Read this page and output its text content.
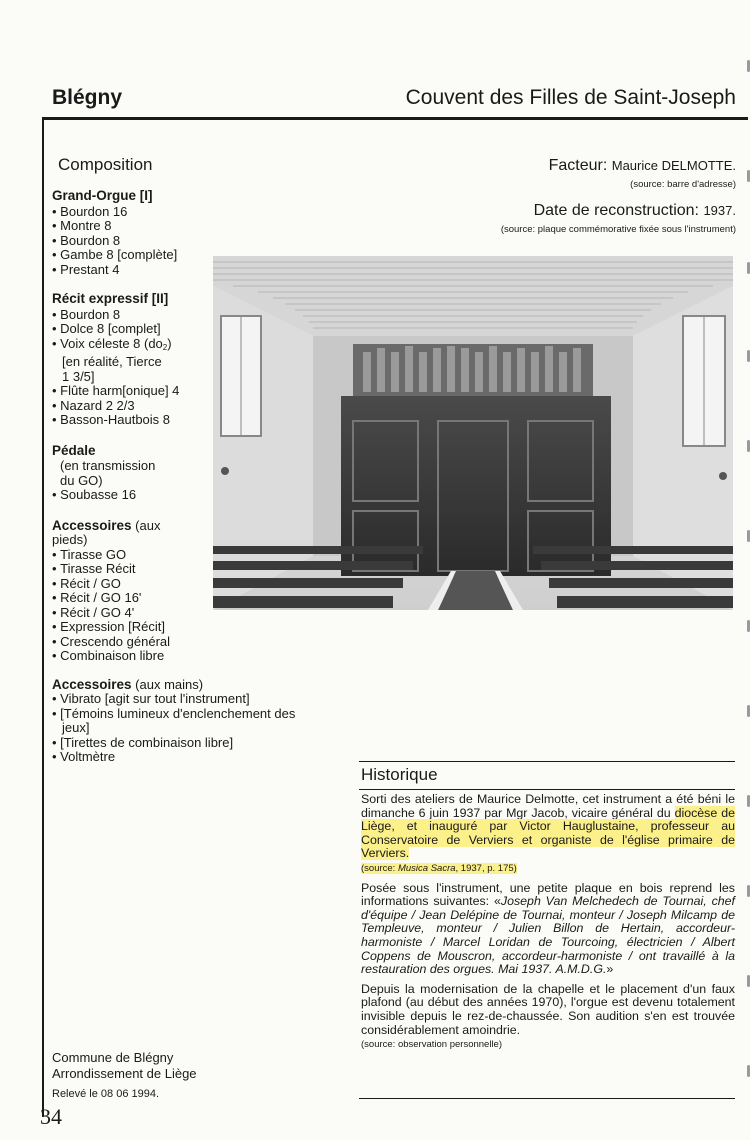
Blégny	Couvent des Filles de Saint-Joseph
Composition
Grand-Orgue [I]
• Bourdon 16
• Montre 8
• Bourdon 8
• Gambe 8 [complète]
• Prestant 4
Récit expressif [II]
• Bourdon 8
• Dolce 8 [complet]
• Voix céleste 8 $(do_2)$
[en réalité, Tierce
1 3/5]
• Flûte harm[onique] 4
• Nazard 2 2/3
• Basson-Hautbois 8
Pédale
(en transmission
du GO)
• Soubasse 16
Accessoires (aux
pieds)
• Tirasse GO
• Tirasse Récit
• Récit / GO
• Récit / GO 16'
• Récit / GO 4'
• Expression [Récit]
• Crescendo général
• Combinaison libre
Accessoires (aux mains)
• Vibrato [agit sur tout l'instrument]
• [Témoins lumineux d'enclenchement des jeux]
• [Tirettes de combinaison libre]
• Voltmètre
Facteur: Maurice DELMOTTE.
(source: barre d'adresse)
Date de reconstruction: 1937.
(source: plaque commémorative fixée sous l'instrument)
Historique

Sorti des ateliers de Maurice Delmotte, cet instrument a été béni le dimanche 6 juin 1937 par Mgr Jacob, vicaire général du diocèse de Liège, et inauguré par Victor Hauglustaine, professeur au Conservatoire de Verviers et organiste de l'église primaire de Verviers.
(source: Musica Sacra, 1937, p. 175)

Posée sous l'instrument, une petite plaque en bois reprend les informations suivantes: «Joseph Van Melchedech de Tournai, chef d'équipe / Jean Delépine de Tournai, monteur / Joseph Milcamp de Templeuve, monteur / Julien Billon de Hertain, accordeur-harmoniste / Marcel Loridan de Tourcoing, électricien / Albert Coppens de Mouscron, accordeur-harmoniste / ont travaillé à la restauration des orgues. Mai 1937. A.M.D.G.»

Depuis la modernisation de la chapelle et le placement d'un faux plafond (au début des années 1970), l'orgue est devenu totalement invisible depuis le rez-de-chaussée. Son audition s'en est trouvée considérablement amoindrie.
(source: observation personnelle)

Commune de Blégny
Arrondissement de Liège
Relevé le 08 06 1994.
34
